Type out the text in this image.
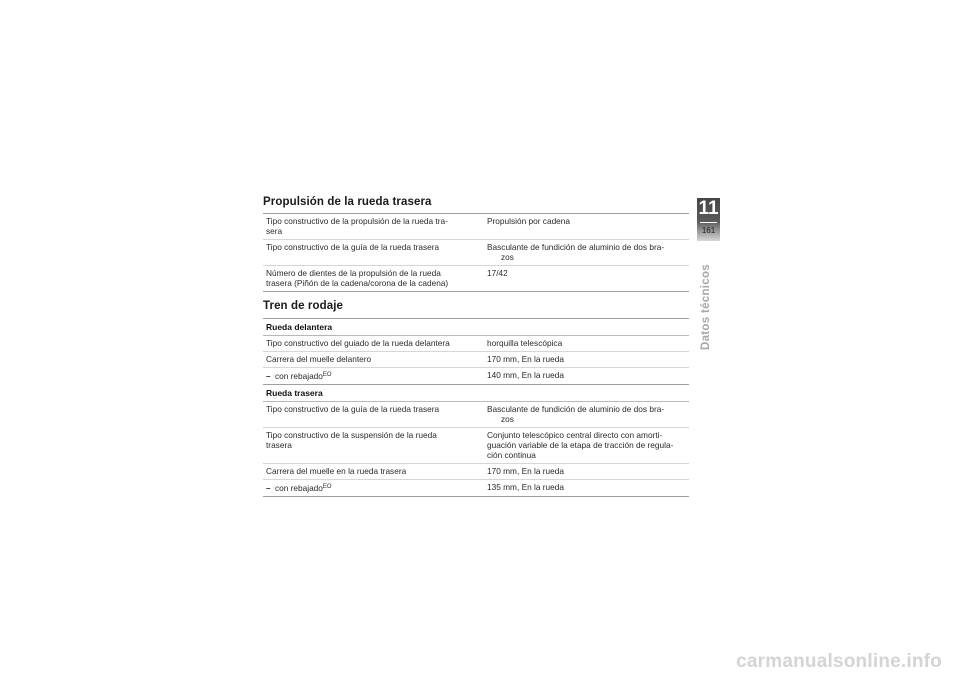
Propulsión de la rueda trasera
Tipo constructivo de la propulsión de la rueda tra-
sera	Propulsión por cadena
Tipo constructivo de la guía de la rueda trasera	Basculante de fundición de aluminio de dos bra-
zos
Número de dientes de la propulsión de la rueda
trasera (Piñón de la cadena/corona de la cadena)	17/42
Tren de rodaje
Rueda delantera	
Tipo constructivo del guiado de la rueda delantera	horquilla telescópica
Carrera del muelle delantero	170 mm, En la rueda
– con rebajado$^{EO}$	140 mm, En la rueda
Rueda trasera	
Tipo constructivo de la guía de la rueda trasera	Basculante de fundición de aluminio de dos bra-
zos
Tipo constructivo de la suspensión de la rueda
trasera	Conjunto telescópico central directo con amorti-
guación variable de la etapa de tracción de regula-
ción continua
Carrera del muelle en la rueda trasera	170 mm, En la rueda
– con rebajado$^{EO}$	135 mm, En la rueda
11
161
Datos técnicos
carmanualsonline.info
